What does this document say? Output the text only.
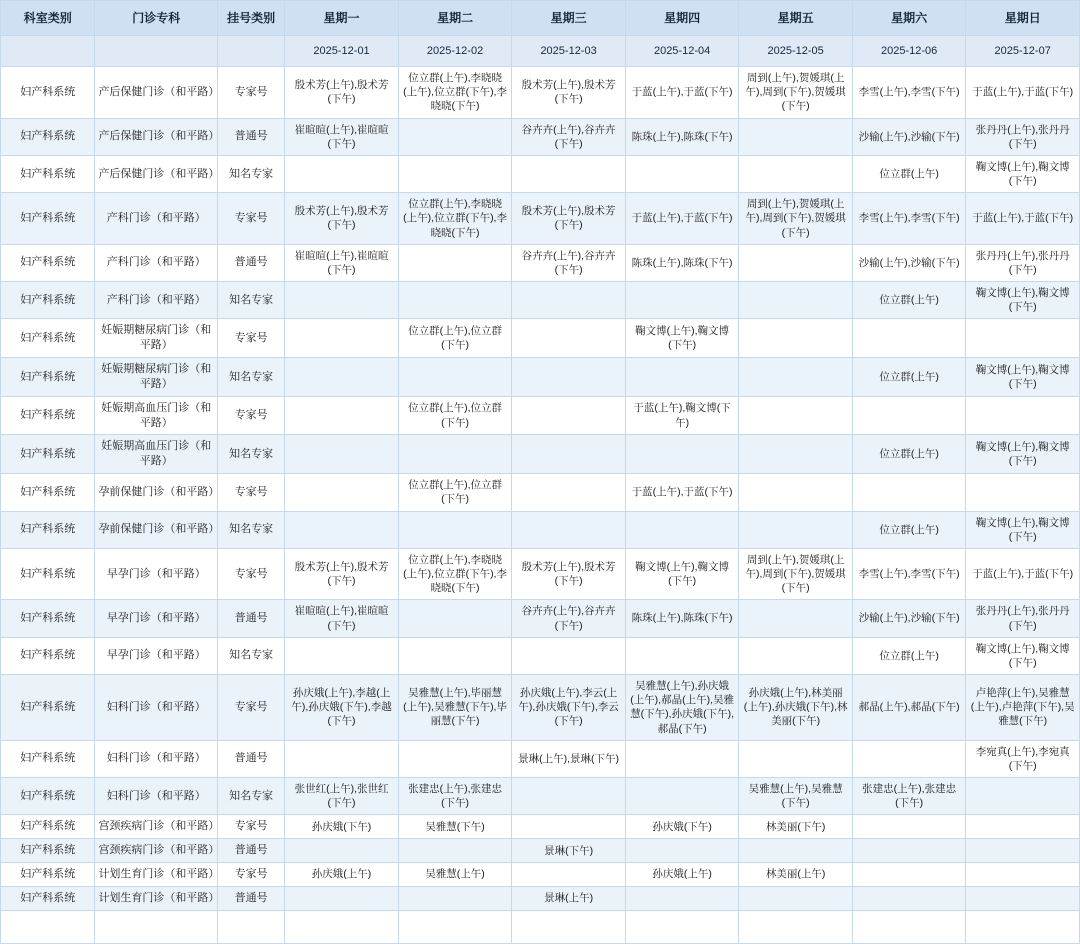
科室类别	门诊专科	挂号类别	星期一	星期二	星期三	星期四	星期五	星期六	星期日
			2025-12-01	2025-12-02	2025-12-03	2025-12-04	2025-12-05	2025-12-06	2025-12-07
妇产科系统	产后保健门诊（和平路）	专家号	殷术芳(上午),殷术芳(下午)	位立群(上午),李晓晓(上午),位立群(下午),李晓晓(下午)	殷术芳(上午),殷术芳(下午)	于蓝(上午),于蓝(下午)	周到(上午),贺媛琪(上午),周到(下午),贺媛琪(下午)	李雪(上午),李雪(下午)	于蓝(上午),于蓝(下午)
妇产科系统	产后保健门诊（和平路）	普通号	崔暄暄(上午),崔暄暄(下午)		谷卉卉(上午),谷卉卉(下午)	陈珠(上午),陈珠(下午)		沙输(上午),沙输(下午)	张丹丹(上午),张丹丹(下午)
妇产科系统	产后保健门诊（和平路）	知名专家						位立群(上午)	鞠文博(上午),鞠文博(下午)
妇产科系统	产科门诊（和平路）	专家号	殷术芳(上午),殷术芳(下午)	位立群(上午),李晓晓(上午),位立群(下午),李晓晓(下午)	殷术芳(上午),殷术芳(下午)	于蓝(上午),于蓝(下午)	周到(上午),贺媛琪(上午),周到(下午),贺媛琪(下午)	李雪(上午),李雪(下午)	于蓝(上午),于蓝(下午)
妇产科系统	产科门诊（和平路）	普通号	崔暄暄(上午),崔暄暄(下午)		谷卉卉(上午),谷卉卉(下午)	陈珠(上午),陈珠(下午)		沙输(上午),沙输(下午)	张丹丹(上午),张丹丹(下午)
妇产科系统	产科门诊（和平路）	知名专家						位立群(上午)	鞠文博(上午),鞠文博(下午)
妇产科系统	妊娠期糖尿病门诊（和平路）	专家号		位立群(上午),位立群(下午)		鞠文博(上午),鞠文博(下午)			
妇产科系统	妊娠期糖尿病门诊（和平路）	知名专家						位立群(上午)	鞠文博(上午),鞠文博(下午)
妇产科系统	妊娠期高血压门诊（和平路）	专家号		位立群(上午),位立群(下午)		于蓝(上午),鞠文博(下午)			
妇产科系统	妊娠期高血压门诊（和平路）	知名专家						位立群(上午)	鞠文博(上午),鞠文博(下午)
妇产科系统	孕前保健门诊（和平路）	专家号		位立群(上午),位立群(下午)		于蓝(上午),于蓝(下午)			
妇产科系统	孕前保健门诊（和平路）	知名专家						位立群(上午)	鞠文博(上午),鞠文博(下午)
妇产科系统	早孕门诊（和平路）	专家号	殷术芳(上午),殷术芳(下午)	位立群(上午),李晓晓(上午),位立群(下午),李晓晓(下午)	殷术芳(上午),殷术芳(下午)	鞠文博(上午),鞠文博(下午)	周到(上午),贺媛琪(上午),周到(下午),贺媛琪(下午)	李雪(上午),李雪(下午)	于蓝(上午),于蓝(下午)
妇产科系统	早孕门诊（和平路）	普通号	崔暄暄(上午),崔暄暄(下午)		谷卉卉(上午),谷卉卉(下午)	陈珠(上午),陈珠(下午)		沙输(上午),沙输(下午)	张丹丹(上午),张丹丹(下午)
妇产科系统	早孕门诊（和平路）	知名专家						位立群(上午)	鞠文博(上午),鞠文博(下午)
妇产科系统	妇科门诊（和平路）	专家号	孙庆娥(上午),李越(上午),孙庆娥(下午),李越(下午)	吴雅慧(上午),毕丽慧(上午),吴雅慧(下午),毕丽慧(下午)	孙庆娥(上午),李云(上午),孙庆娥(下午),李云(下午)	吴雅慧(上午),孙庆娥(上午),郝晶(上午),吴雅慧(下午),孙庆娥(下午),郝晶(下午)	孙庆娥(上午),林美丽(上午),孙庆娥(下午),林美丽(下午)	郝晶(上午),郝晶(下午)	卢艳萍(上午),吴雅慧(上午),卢艳萍(下午),吴雅慧(下午)
妇产科系统	妇科门诊（和平路）	普通号			景琳(上午),景琳(下午)				李宛真(上午),李宛真(下午)
妇产科系统	妇科门诊（和平路）	知名专家	张世红(上午),张世红(下午)	张建忠(上午),张建忠(下午)			吴雅慧(上午),吴雅慧(下午)	张建忠(上午),张建忠(下午)	
妇产科系统	宫颈疾病门诊（和平路）	专家号	孙庆娥(下午)	吴雅慧(下午)		孙庆娥(下午)	林美丽(下午)		
妇产科系统	宫颈疾病门诊（和平路）	普通号			景琳(下午)				
妇产科系统	计划生育门诊（和平路）	专家号	孙庆娥(上午)	吴雅慧(上午)		孙庆娥(上午)	林美丽(上午)		
妇产科系统	计划生育门诊（和平路）	普通号			景琳(上午)				
